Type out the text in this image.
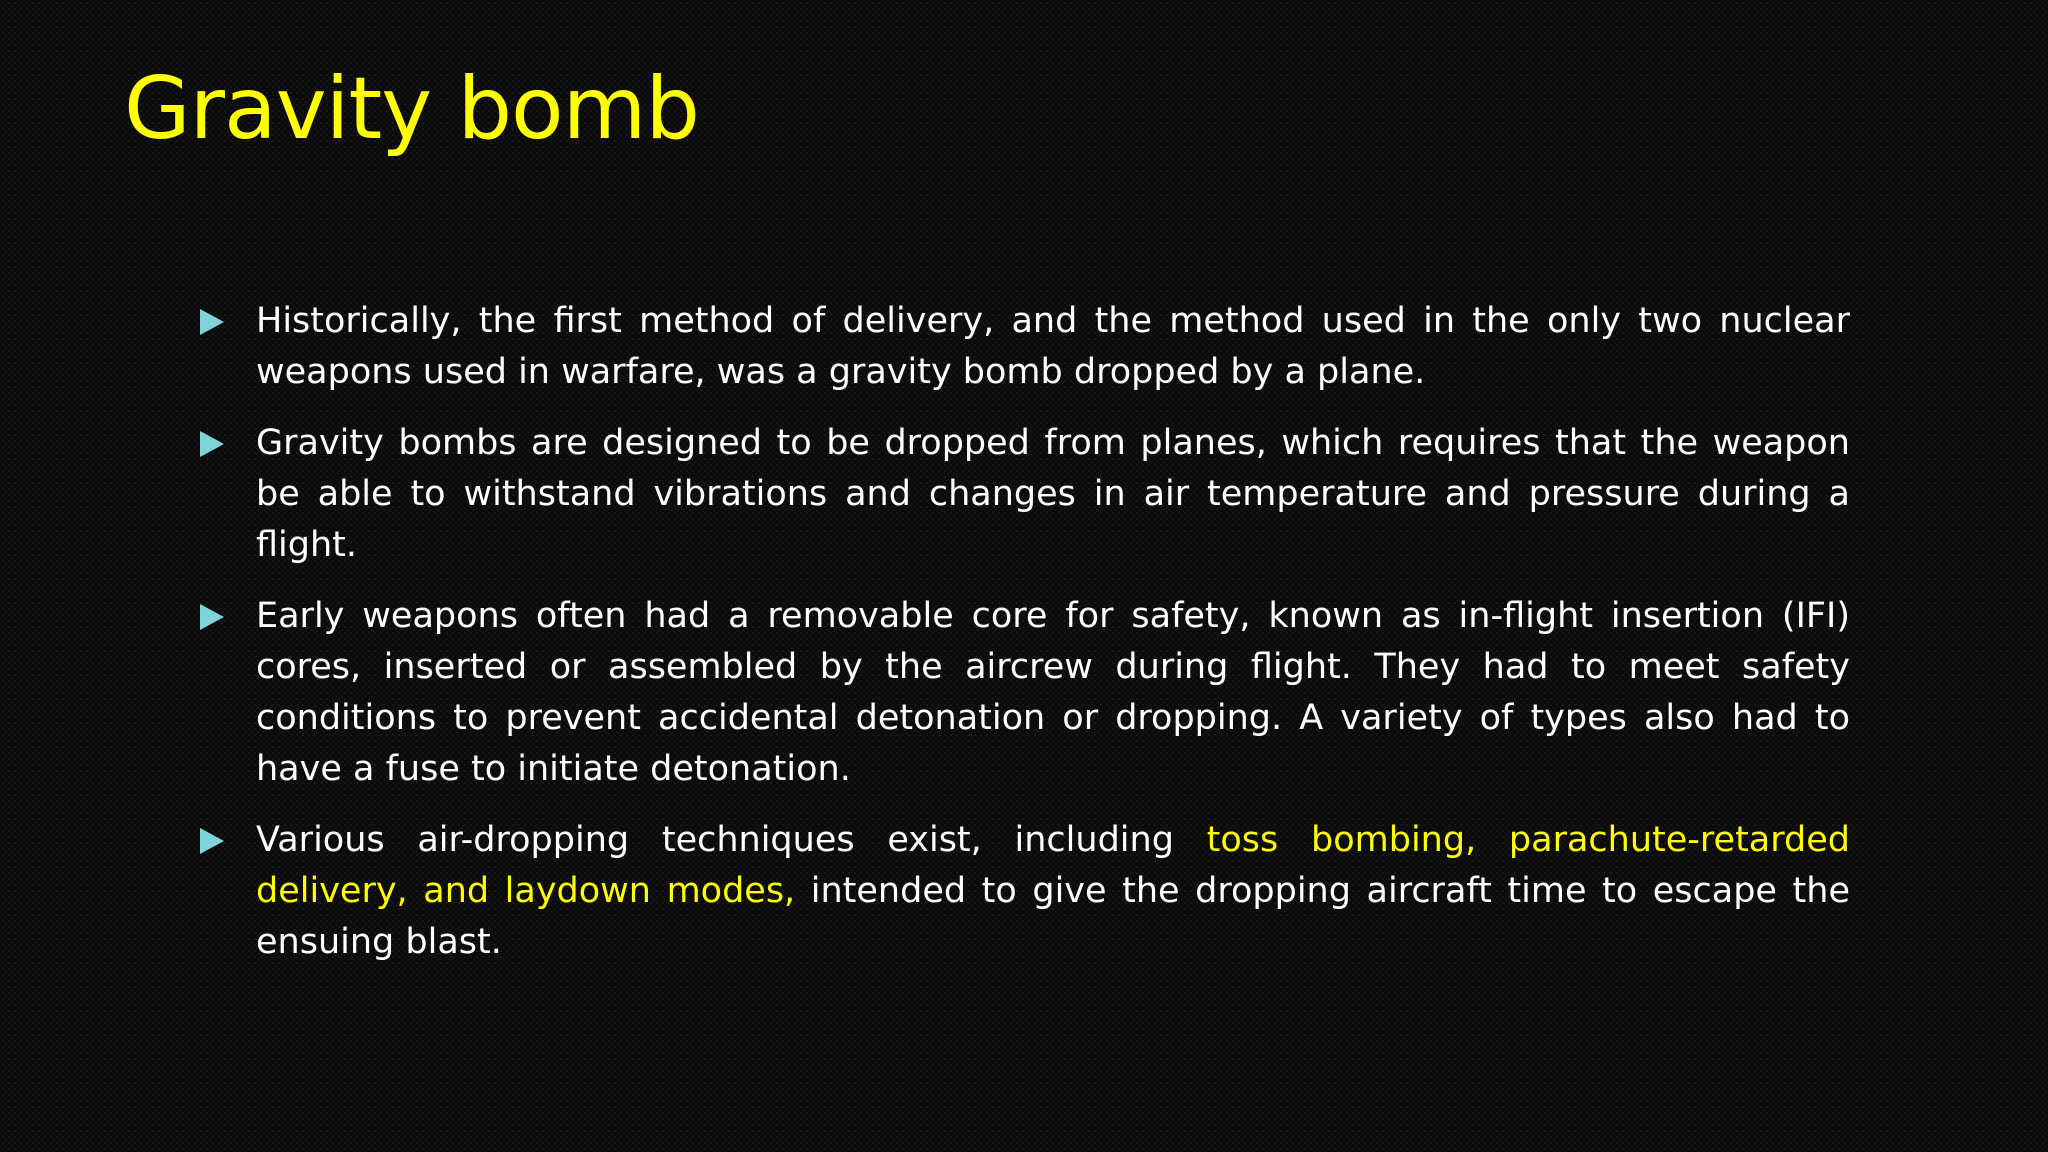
Gravity bomb
Historically, the first method of delivery, and the method used in the only two nuclear weapons used in warfare, was a gravity bomb dropped by a plane.
Gravity bombs are designed to be dropped from planes, which requires that the weapon be able to withstand vibrations and changes in air temperature and pressure during a flight.
Early weapons often had a removable core for safety, known as in-flight insertion (IFI) cores, inserted or assembled by the aircrew during flight. They had to meet safety conditions to prevent accidental detonation or dropping. A variety of types also had to have a fuse to initiate detonation.
Various air-dropping techniques exist, including toss bombing, parachute-retarded delivery, and laydown modes, intended to give the dropping aircraft time to escape the ensuing blast.
